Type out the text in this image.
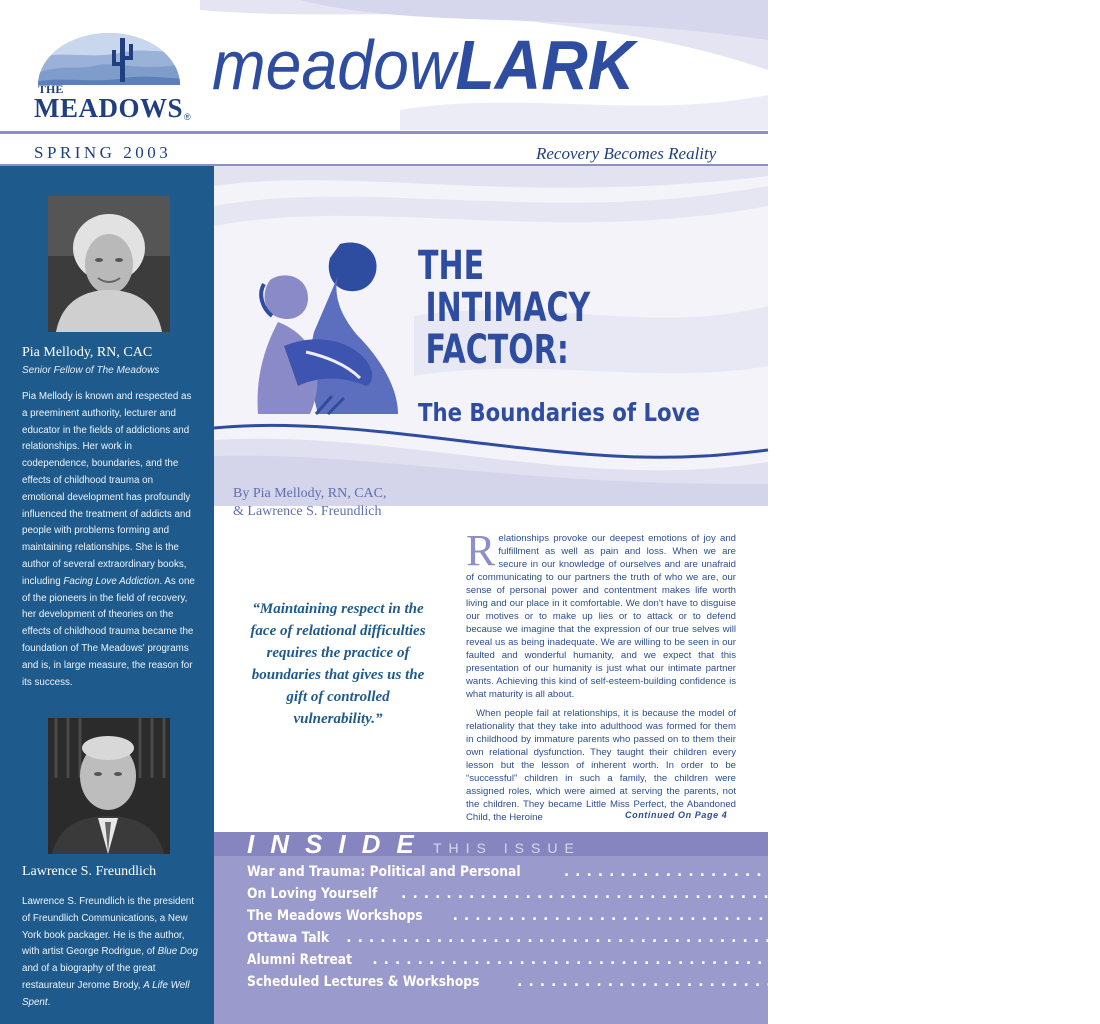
THE
MEADOWS ®
meadowLARK
SPRING 2003	Recovery Becomes Reality
Pia Mellody, RN, CAC
Senior Fellow of The Meadows
Pia Mellody is known and respected as a preeminent authority, lecturer and educator in the fields of addictions and relationships. Her work in codependence, boundaries, and the effects of childhood trauma on emotional development has profoundly influenced the treatment of addicts and people with problems forming and maintaining relationships. She is the author of several extraordinary books, including Facing Love Addiction. As one of the pioneers in the field of recovery, her development of theories on the effects of childhood trauma became the foundation of The Meadows' programs and is, in large measure, the reason for its success.
Lawrence S. Freundlich
Lawrence S. Freundlich is the president of Freundlich Communications, a New York book packager. He is the author, with artist George Rodrigue, of Blue Dog and of a biography of the great restaurateur Jerome Brody, A Life Well Spent.
THE
INTIMACY
FACTOR:
The Boundaries of Love
By Pia Mellody, RN, CAC,
& Lawrence S. Freundlich
“Maintaining respect in the face of relational difficulties requires the practice of boundaries that gives us the gift of controlled vulnerability.”

Relationships provoke our deepest emotions of joy and fulfillment as well as pain and loss. When we are secure in our knowledge of ourselves and are unafraid of communicating to our partners the truth of who we are, our sense of personal power and contentment makes life worth living and our place in it comfortable. We don't have to disguise our motives or to make up lies or to attack or to defend because we imagine that the expression of our true selves will reveal us as being inadequate. We are willing to be seen in our faulted and wonderful humanity, and we expect that this presentation of our humanity is just what our intimate partner wants. Achieving this kind of self-esteem-building confidence is what maturity is all about.

When people fail at relationships, it is because the model of relationality that they take into adulthood was formed for them in childhood by immature parents who passed on to them their own relational dysfunction. They taught their children every lesson but the lesson of inherent worth. In order to be “successful” children in such a family, the children were assigned roles, which were aimed at serving the parents, not the children. They became Little Miss Perfect, the Abandoned Child, the Heroine	Continued On Page 4
INSIDE THIS ISSUE
War and Trauma: Political and Personal	........................................ page 2
On Loving Yourself ........................................ page 3
The Meadows Workshops ........................................ page 6
Ottawa Talk ........................................ page 8
Alumni Retreat ........................................ page 9
Scheduled Lectures & Workshops	........................................ page 11
